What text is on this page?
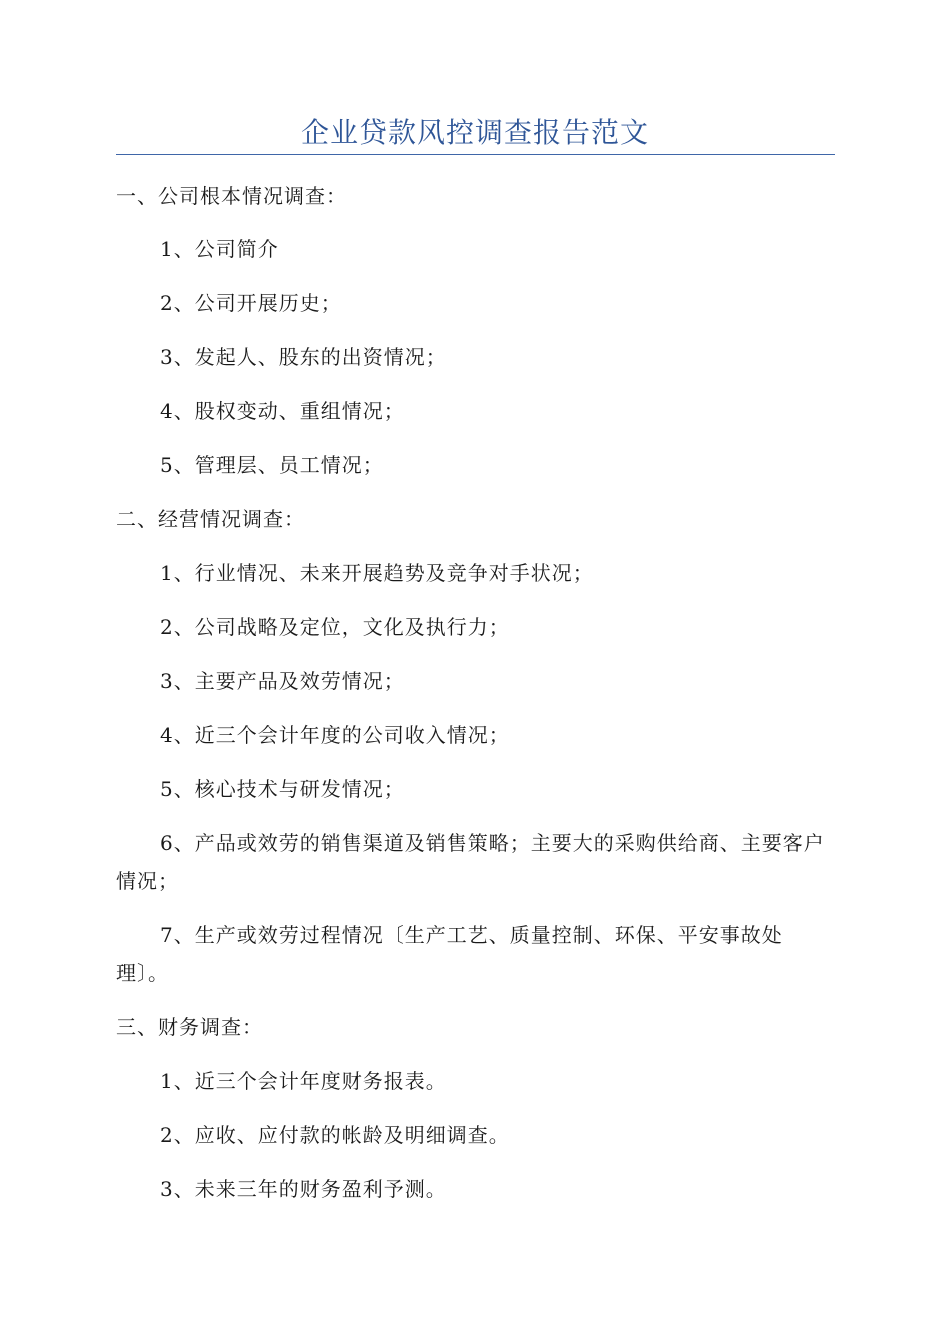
企业贷款风控调查报告范文
一、公司根本情况调查：
1、公司简介
2、公司开展历史；
3、发起人、股东的出资情况；
4、股权变动、重组情况；
5、管理层、员工情况；
二、经营情况调查：
1、行业情况、未来开展趋势及竞争对手状况；
2、公司战略及定位，文化及执行力；
3、主要产品及效劳情况；
4、近三个会计年度的公司收入情况；
5、核心技术与研发情况；
6、产品或效劳的销售渠道及销售策略；主要大的采购供给商、主要客户情况；
7、生产或效劳过程情况〔生产工艺、质量控制、环保、平安事故处理〕。
三、财务调查：
1、近三个会计年度财务报表。
2、应收、应付款的帐龄及明细调查。
3、未来三年的财务盈利予测。
